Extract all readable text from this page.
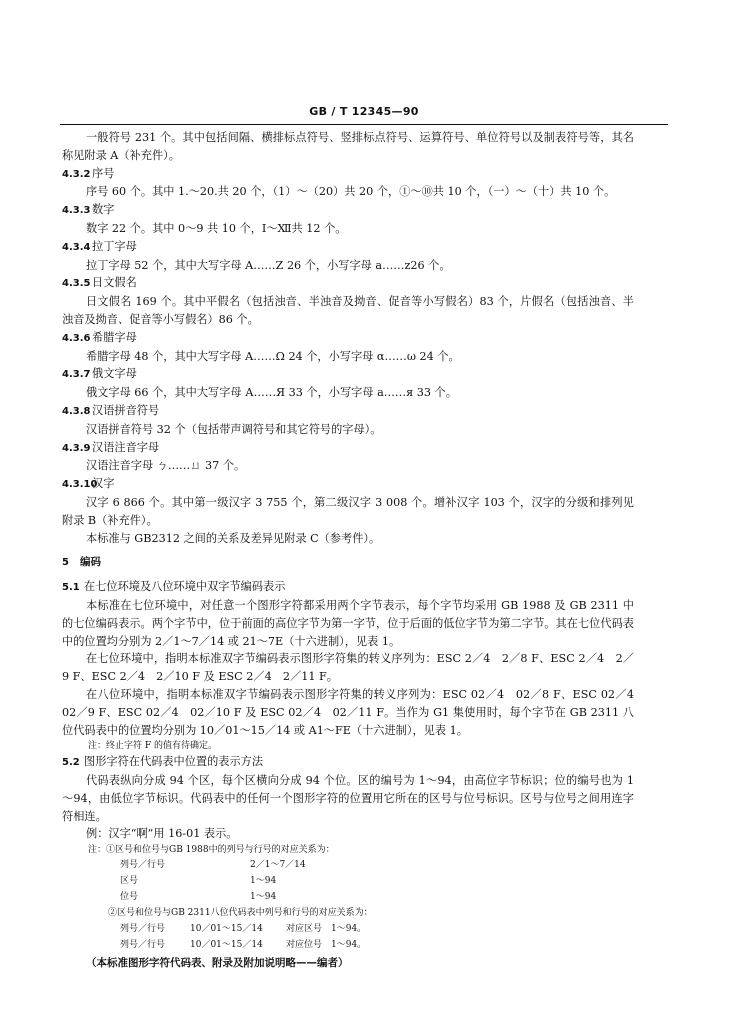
GB / T 12345—90

一般符号 231 个。其中包括间隔、横排标点符号、竖排标点符号、运算符号、单位符号以及制表符号等，其名称见附录 A（补充件）。

4.3.2 序号

序号 60 个。其中 1.～20.共 20 个，（1）～（20）共 20 个，①～⑩共 10 个，（一）～（十）共 10 个。

4.3.3 数字

数字 22 个。其中 0～9 共 10 个，Ⅰ～Ⅻ共 12 个。

4.3.4 拉丁字母

拉丁字母 52 个，其中大写字母 A……Z 26 个，小写字母 a……z26 个。

4.3.5 日文假名

日文假名 169 个。其中平假名（包括浊音、半浊音及拗音、促音等小写假名）83 个，片假名（包括浊音、半浊音及拗音、促音等小写假名）86 个。

4.3.6 希腊字母

希腊字母 48 个，其中大写字母 Α……Ω 24 个，小写字母 α……ω 24 个。

4.3.7 俄文字母

俄文字母 66 个，其中大写字母 А……Я 33 个，小写字母 а……я 33 个。

4.3.8 汉语拼音符号

汉语拼音符号 32 个（包括带声调符号和其它符号的字母）。

4.3.9 汉语注音字母

汉语注音字母 ㄅ……ㄩ 37 个。

4.3.10汉字

汉字 6 866 个。其中第一级汉字 3 755 个，第二级汉字 3 008 个。增补汉字 103 个，汉字的分级和排列见附录 B（补充件）。

本标准与 GB2312 之间的关系及差异见附录 C（参考件）。

5 编码

5.1 在七位环境及八位环境中双字节编码表示

本标准在七位环境中，对任意一个图形字符都采用两个字节表示，每个字节均采用 GB 1988 及 GB 2311 中的七位编码表示。两个字节中，位于前面的高位字节为第一字节，位于后面的低位字节为第二字节。其在七位代码表中的位置均分别为 2／1～7／14 或 21～7E（十六进制），见表 1。

在七位环境中，指明本标准双字节编码表示图形字符集的转义序列为：ESC 2／4　2／8 F、ESC 2／4　2／9 F、ESC 2／4　2／10 F 及 ESC 2／4　2／11 F。

在八位环境中，指明本标准双字节编码表示图形字符集的转义序列为：ESC 02／4　02／8 F、ESC 02／4　02／9 F、ESC 02／4　02／10 F 及 ESC 02／4　02／11 F。当作为 G1 集使用时，每个字节在 GB 2311 八位代码表中的位置均分别为 10／01～15／14 或 A1～FE（十六进制），见表 1。

注：终止字符 F 的值有待确定。

5.2 图形字符在代码表中位置的表示方法

代码表纵向分成 94 个区，每个区横向分成 94 个位。区的编号为 1～94，由高位字节标识；位的编号也为 1～94，由低位字节标识。代码表中的任何一个图形字符的位置用它所在的区号与位号标识。区号与位号之间用连字符相连。

例：汉字“啊”用 16-01 表示。

注：①区号和位号与GB 1988中的列号与行号的对应关系为：

列号／行号	2／1～7／14

区号	1～94

位号	1～94

②区号和位号与GB 2311八位代码表中列号和行号的对应关系为：

列号／行号	10／01～15／14	对应区号　1～94。

列号／行号	10／01～15／14	对应位号　1～94。

（本标准图形字符代码表、附录及附加说明略——编者）
